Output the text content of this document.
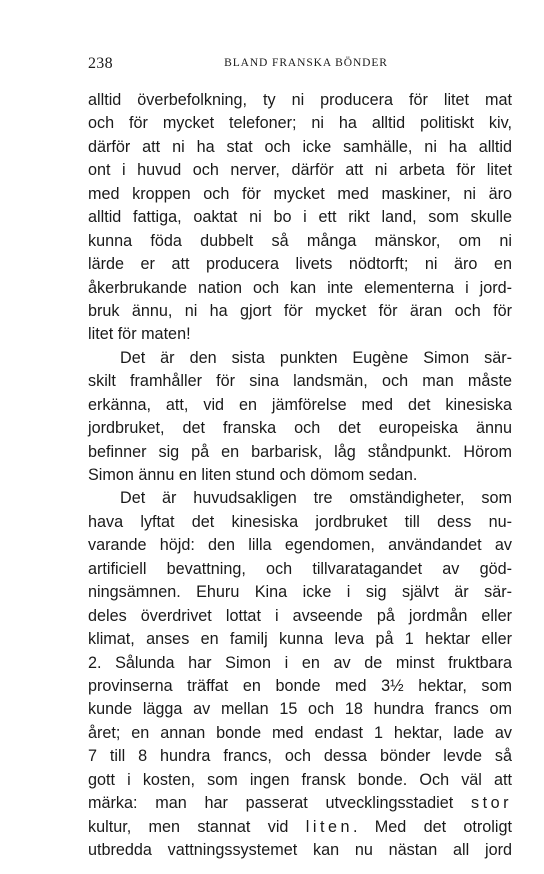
238	BLAND FRANSKA BÖNDER
alltid överbefolkning, ty ni producera för litet mat
och för mycket telefoner; ni ha alltid politiskt kiv,
därför att ni ha stat och icke samhälle, ni ha alltid
ont i huvud och nerver, därför att ni arbeta för litet
med kroppen och för mycket med maskiner, ni äro
alltid fattiga, oaktat ni bo i ett rikt land, som skulle
kunna föda dubbelt så många mänskor, om ni
lärde er att producera livets nödtorft; ni äro en
åkerbrukande nation och kan inte elementerna i jord-
bruk ännu, ni ha gjort för mycket för äran och för
litet för maten!
Det är den sista punkten Eugène Simon sär-
skilt framhåller för sina landsmän, och man måste
erkänna, att, vid en jämförelse med det kinesiska
jordbruket, det franska och det europeiska ännu
befinner sig på en barbarisk, låg ståndpunkt. Hörom
Simon ännu en liten stund och dömom sedan.
Det är huvudsakligen tre omständigheter, som
hava lyftat det kinesiska jordbruket till dess nu-
varande höjd: den lilla egendomen, användandet av
artificiell bevattning, och tillvaratagandet av göd-
ningsämnen. Ehuru Kina icke i sig självt är sär-
deles överdrivet lottat i avseende på jordmån eller
klimat, anses en familj kunna leva på 1 hektar eller
2. Sålunda har Simon i en av de minst fruktbara
provinserna träffat en bonde med 3½ hektar, som
kunde lägga av mellan 15 och 18 hundra francs om
året; en annan bonde med endast 1 hektar, lade av
7 till 8 hundra francs, och dessa bönder levde så
gott i kosten, som ingen fransk bonde. Och väl att
märka: man har passerat utvecklingsstadiet stor
kultur, men stannat vid liten. Med det otroligt
utbredda vattningssystemet kan nu nästan all jord
